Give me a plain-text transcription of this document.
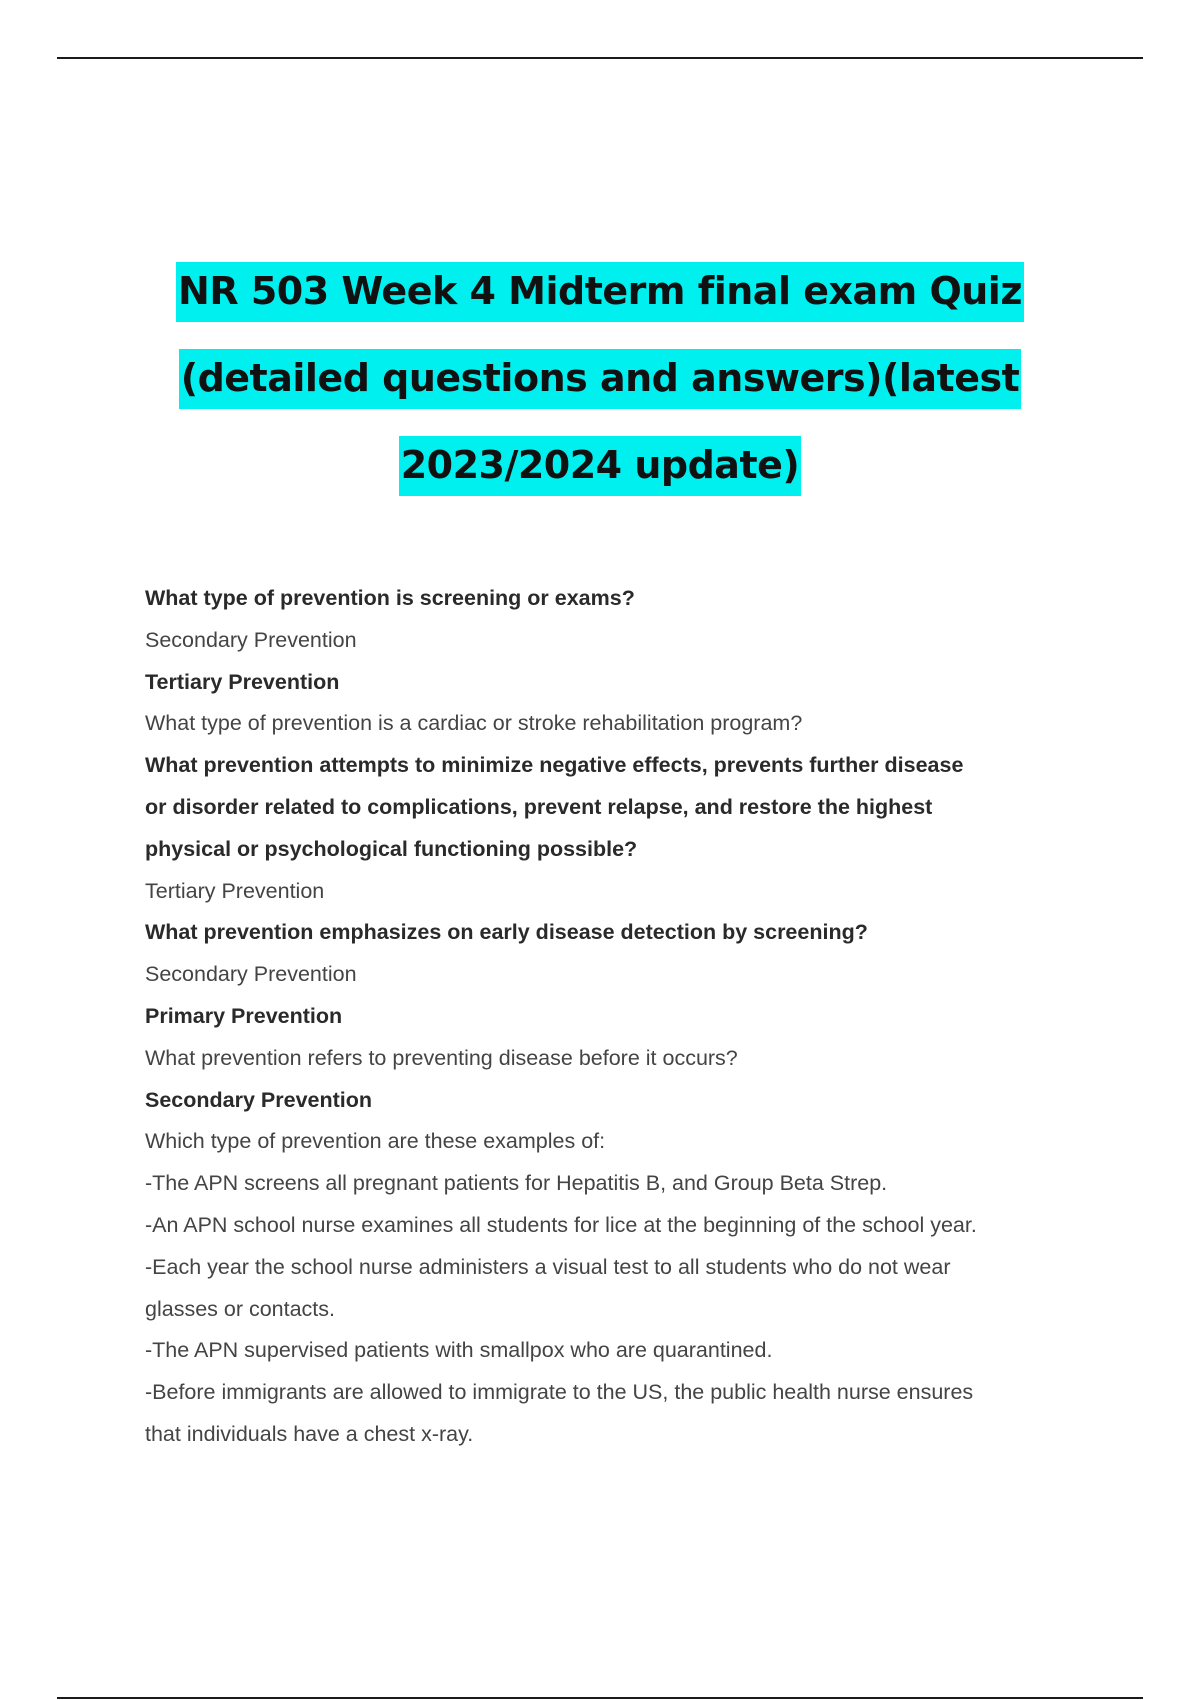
NR 503 Week 4 Midterm final exam Quiz
(detailed questions and answers)(latest
2023/2024 update)
What type of prevention is screening or exams?
Secondary Prevention
Tertiary Prevention
What type of prevention is a cardiac or stroke rehabilitation program?
What prevention attempts to minimize negative effects, prevents further disease
or disorder related to complications, prevent relapse, and restore the highest
physical or psychological functioning possible?
Tertiary Prevention
What prevention emphasizes on early disease detection by screening?
Secondary Prevention
Primary Prevention
What prevention refers to preventing disease before it occurs?
Secondary Prevention
Which type of prevention are these examples of:
-The APN screens all pregnant patients for Hepatitis B, and Group Beta Strep.
-An APN school nurse examines all students for lice at the beginning of the school year.
-Each year the school nurse administers a visual test to all students who do not wear
glasses or contacts.
-The APN supervised patients with smallpox who are quarantined.
-Before immigrants are allowed to immigrate to the US, the public health nurse ensures
that individuals have a chest x-ray.
